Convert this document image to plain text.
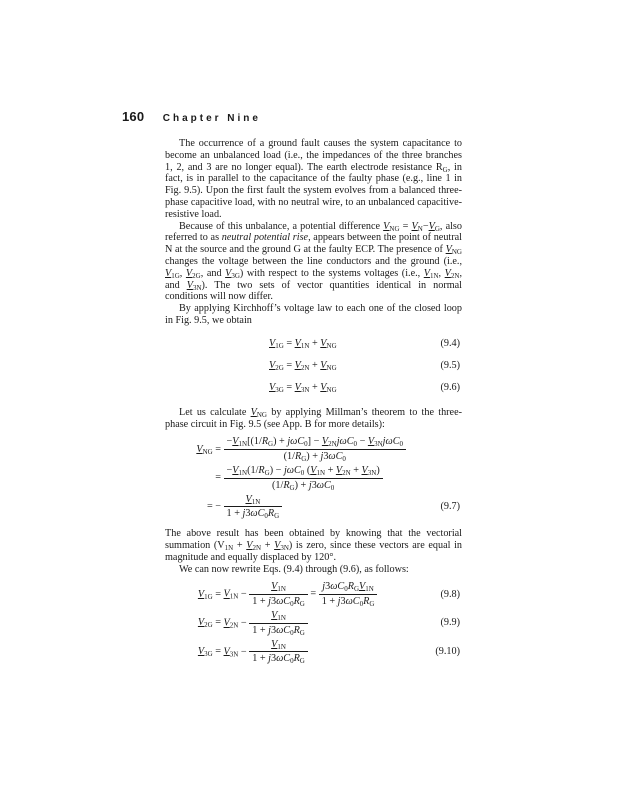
160 Chapter Nine

The occurrence of a ground fault causes the system capacitance to become an unbalanced load (i.e., the impedances of the three branches 1, 2, and 3 are no longer equal). The earth electrode resistance $R_G$, in fact, is in parallel to the capacitance of the faulty phase (e.g., line 1 in Fig. 9.5). Upon the first fault the system evolves from a balanced three-phase capacitive load, with no neutral wire, to an unbalanced capacitive-resistive load.

Because of this unbalance, a potential difference $V_{NG} = V_N-V_G$, also referred to as neutral potential rise, appears between the point of neutral N at the source and the ground G at the faulty ECP. The presence of $V_{NG}$ changes the voltage between the line conductors and the ground (i.e., $V_{1G}$, $V_{2G}$, and $V_{3G}$) with respect to the systems voltages (i.e., $V_{1N}$, $V_{2N}$, and $V_{3N}$). The two sets of vector quantities identical in normal conditions will now differ.

By applying Kirchhoff’s voltage law to each one of the closed loop in Fig. 9.5, we obtain

$V_{1G} = V_{1N} + V_{NG}$	(9.4)
$V_{2G} = V_{2N} + V_{NG}$	(9.5)
$V_{3G} = V_{3N} + V_{NG}$	(9.6)

Let us calculate $V_{NG}$ by applying Millman’s theorem to the three-phase circuit in Fig. 9.5 (see App. B for more details):

$V_{NG} = \frac{-V_{1N}[(1/R_G) + j\omega C_0] - V_{2N}j\omega C_0 - V_{3N}j\omega C_0}{(1/R_G) + j3\omega C_0}$
= $\frac{-V_{1N}(1/R_G) - j\omega C_0 (V_{1N} + V_{2N} + V_{3N})}{(1/R_G) + j3\omega C_0}$
= − $\frac{V_{1N}}{1 + j3\omega C_0R_G}$	(9.7)

The above result has been obtained by knowing that the vectorial summation $(V_{1N} + V_{2N} + V_{3N})$ is zero, since these vectors are equal in magnitude and equally displaced by 120°.

We can now rewrite Eqs. (9.4) through (9.6), as follows:

$V_{1G} = V_{1N} - \frac{V_{1N}}{1 + j3\omega C_0R_G} = \frac{j3\omega C_0R_GV_{1N}}{1 + j3\omega C_0R_G}$	(9.8)
$V_{2G} = V_{2N} - \frac{V_{1N}}{1 + j3\omega C_0R_G}$	(9.9)
$V_{3G} = V_{3N} - \frac{V_{1N}}{1 + j3\omega C_0R_G}$	(9.10)
